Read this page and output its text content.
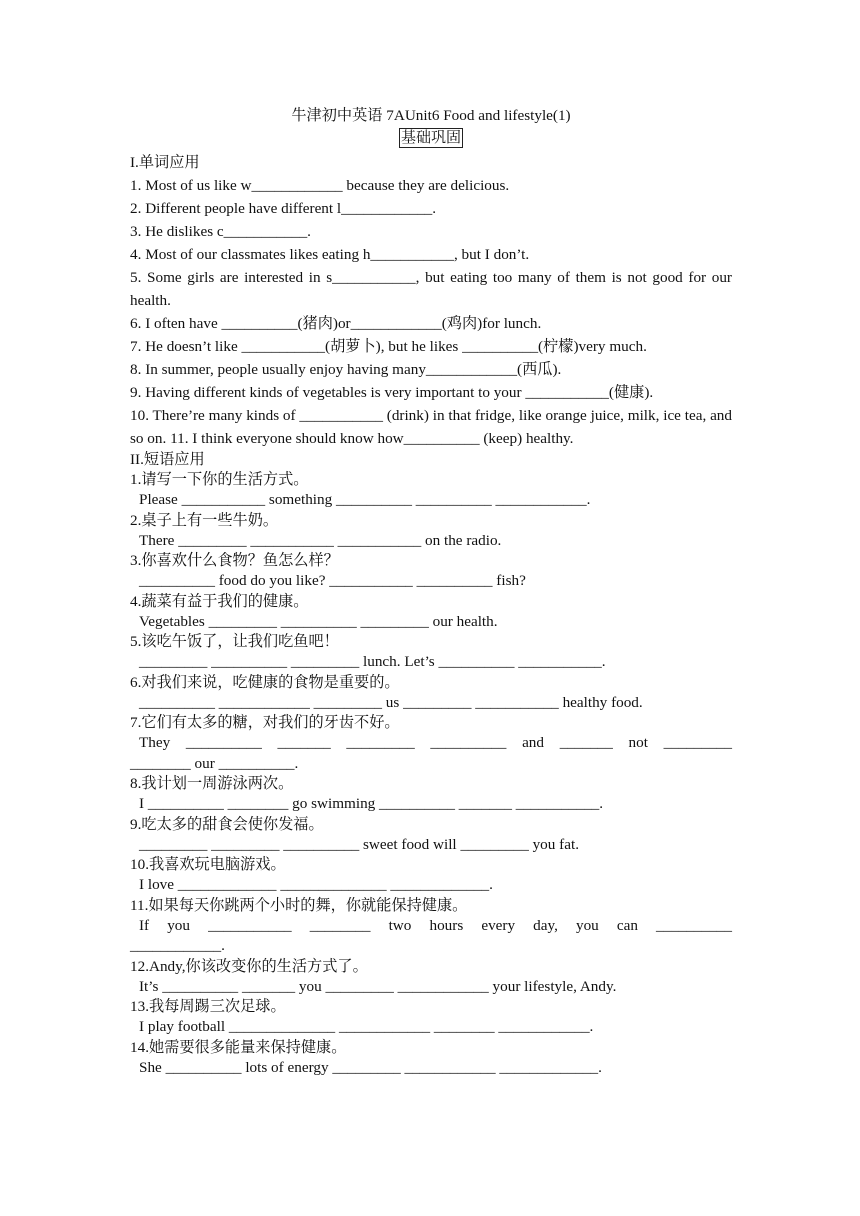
牛津初中英语 7AUnit6 Food and lifestyle(1)

基础巩固

I.单词应用

1. Most of us like w____________ because they are delicious.

2. Different people have different l____________.

3. He dislikes c___________.

4. Most of our classmates likes eating h___________, but I don’t.

5. Some girls are interested in s___________, but eating too many of them is not good for our health.

6. I often have __________(猪肉)or____________(鸡肉)for lunch.

7. He doesn’t like ___________(胡萝卜), but he likes __________(柠檬)very much.

8. In summer, people usually enjoy having many____________(西瓜).

9. Having different kinds of vegetables is very important to your ___________(健康).

10. There’re many kinds of ___________ (drink) in that fridge, like orange juice, milk, ice tea, and so on. 11. I think everyone should know how__________ (keep) healthy.

II.短语应用

1.请写一下你的生活方式。

Please ___________ something __________ __________ ____________.

2.桌子上有一些牛奶。

There _________ ___________ ___________ on the radio.

3.你喜欢什么食物？鱼怎么样？

__________ food do you like? ___________ __________ fish?

4.蔬菜有益于我们的健康。

Vegetables _________ __________ _________ our health.

5.该吃午饭了，让我们吃鱼吧！

_________ __________ _________ lunch. Let’s __________ ___________.

6.对我们来说，吃健康的食物是重要的。

__________ ____________ _________ us _________ ___________ healthy food.

7.它们有太多的糖，对我们的牙齿不好。

They __________ _______ _________ __________ and _______ not _________

________ our __________.

8.我计划一周游泳两次。

I __________ ________ go swimming __________ _______ ___________.

9.吃太多的甜食会使你发福。

_________ _________ __________ sweet food will _________ you fat.

10.我喜欢玩电脑游戏。

I love _____________ ______________ _____________.

11.如果每天你跳两个小时的舞，你就能保持健康。

If you ___________ ________ two hours every day, you can __________

____________.

12.Andy,你该改变你的生活方式了。

It’s __________ _______ you _________ ____________ your lifestyle, Andy.

13.我每周踢三次足球。

I play football ______________ ____________ ________ ____________.

14.她需要很多能量来保持健康。

She __________ lots of energy _________ ____________ _____________.
